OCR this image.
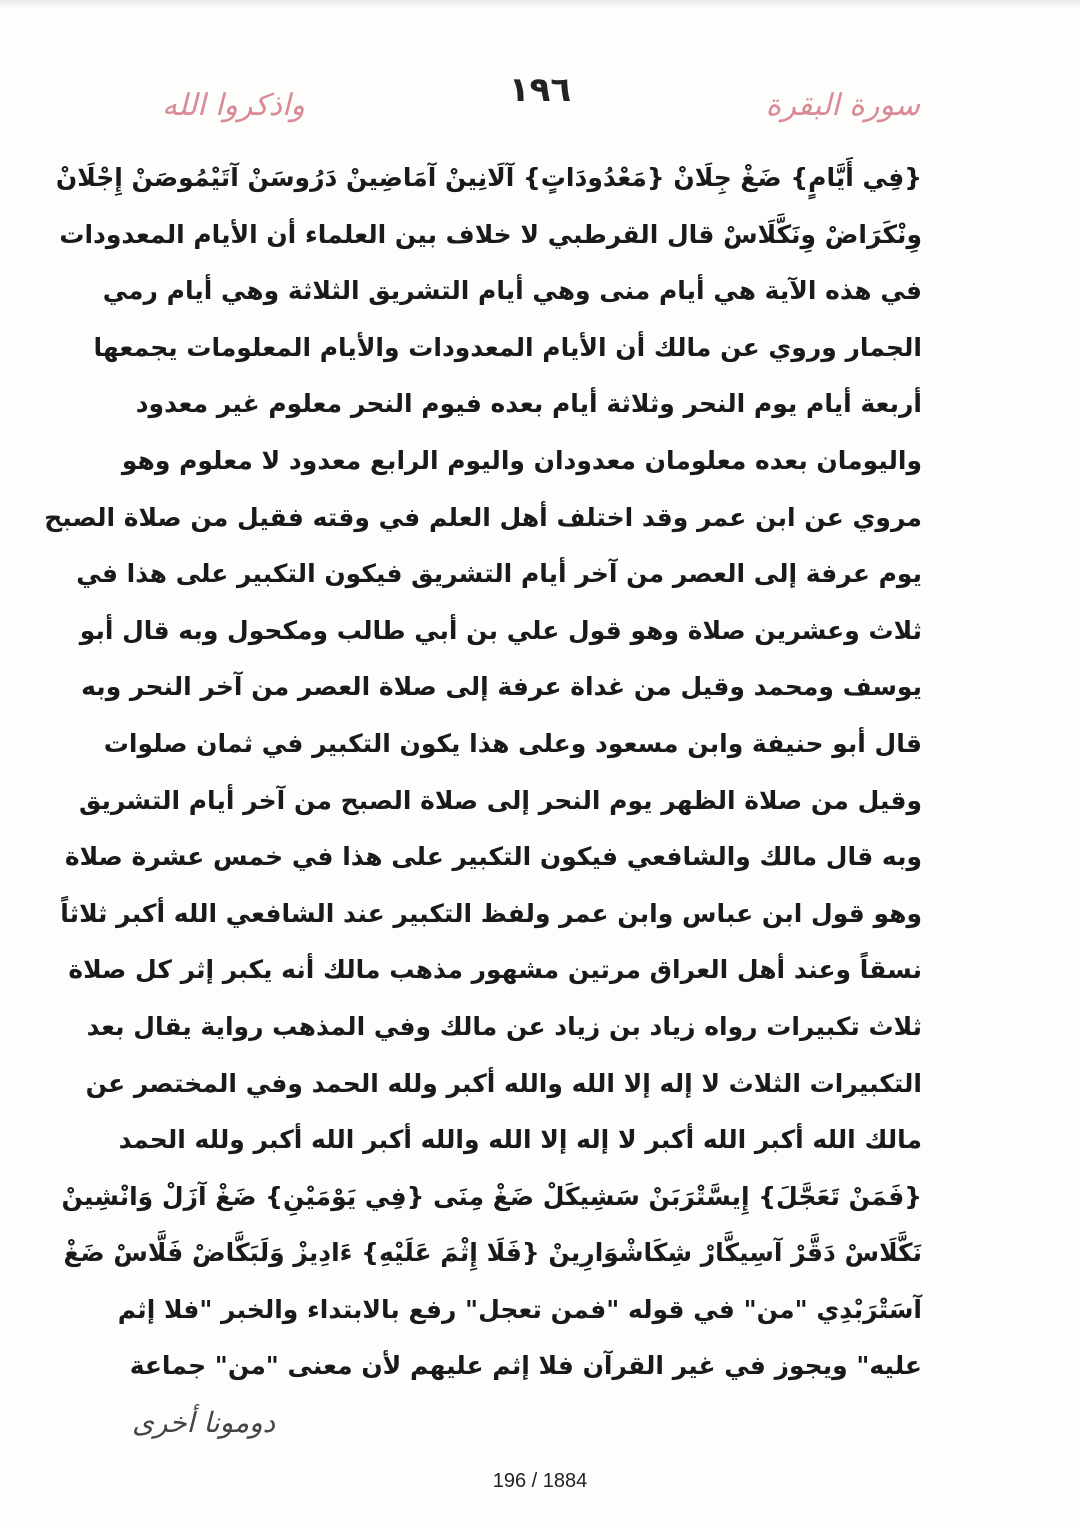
١٩٦	سورة البقرة
واذكروا الله
{فِي أَيَّامٍ} ضَغْ جِلَانْ {مَعْدُودَاتٍ} آلَانِينْ آمَاضِينْ دَرُوسَنْ آتَيْمُوصَنْ إِجْلَانْ
وِنْكَرَاضْ وِنَكَّلَاسْ قال القرطبي لا خلاف بين العلماء أن الأيام المعدودات
في هذه الآية هي أيام منى وهي أيام التشريق الثلاثة وهي أيام رمي
الجمار وروي عن مالك أن الأيام المعدودات والأيام المعلومات يجمعها
أربعة أيام يوم النحر وثلاثة أيام بعده فيوم النحر معلوم غير معدود
واليومان بعده معلومان معدودان واليوم الرابع معدود لا معلوم وهو
مروي عن ابن عمر وقد اختلف أهل العلم في وقته فقيل من صلاة الصبح
يوم عرفة إلى العصر من آخر أيام التشريق فيكون التكبير على هذا في
ثلاث وعشرين صلاة وهو قول علي بن أبي طالب ومكحول وبه قال أبو
يوسف ومحمد وقيل من غداة عرفة إلى صلاة العصر من آخر النحر وبه
قال أبو حنيفة وابن مسعود وعلى هذا يكون التكبير في ثمان صلوات
وقيل من صلاة الظهر يوم النحر إلى صلاة الصبح من آخر أيام التشريق
وبه قال مالك والشافعي فيكون التكبير على هذا في خمس عشرة صلاة
وهو قول ابن عباس وابن عمر ولفظ التكبير عند الشافعي الله أكبر ثلاثاً
نسقاً وعند أهل العراق مرتين مشهور مذهب مالك أنه يكبر إثر كل صلاة
ثلاث تكبيرات رواه زياد بن زياد عن مالك وفي المذهب رواية يقال بعد
التكبيرات الثلاث لا إله إلا الله والله أكبر ولله الحمد وفي المختصر عن
مالك الله أكبر الله أكبر لا إله إلا الله والله أكبر الله أكبر ولله الحمد
{فَمَنْ تَعَجَّلَ} إِيسَّتْرَبَنْ سَشِيكَلْ ضَغْ مِنَى {فِي يَوْمَيْنِ} ضَغْ آزَلْ وَانْشِينْ
نَكَّلَاسْ دَقَّرْ آسِيكَّارْ شِكَاشْوَارِينْ {فَلَا إِثْمَ عَلَيْهِ} ءَادِيزْ وَلَبَكَّاضْ فَلَّاسْ ضَغْ
آسَتْرَبْدِي "من" في قوله "فمن تعجل" رفع بالابتداء والخبر "فلا إثم
عليه" ويجوز في غير القرآن فلا إثم عليهم لأن معنى "من" جماعة
دومونا أخرى
196 / 1884
